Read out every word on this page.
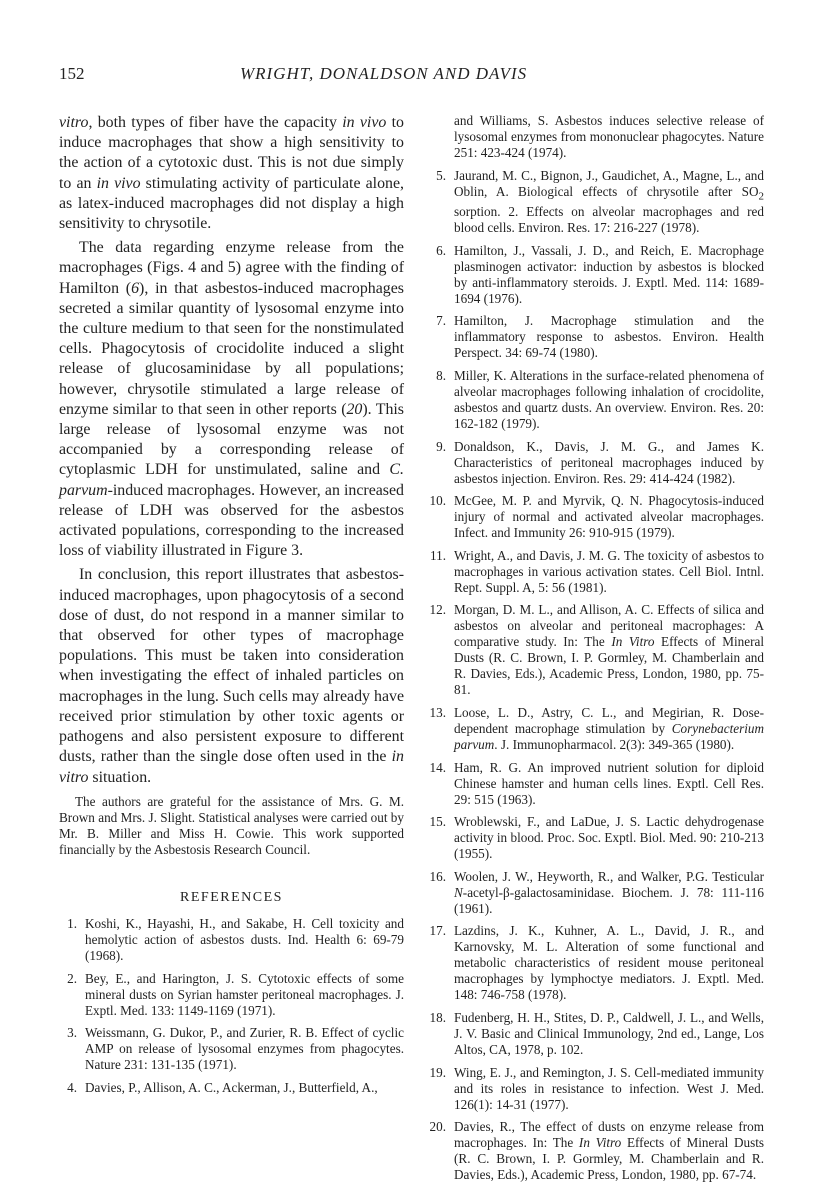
152	WRIGHT, DONALDSON AND DAVIS

vitro, both types of fiber have the capacity in vivo to induce macrophages that show a high sensitivity to the action of a cytotoxic dust. This is not due simply to an in vivo stimulating activity of particulate alone, as latex-induced macrophages did not display a high sensitivity to chrysotile.

The data regarding enzyme release from the macrophages (Figs. 4 and 5) agree with the finding of Hamilton (6), in that asbestos-induced macrophages secreted a similar quantity of lysosomal enzyme into the culture medium to that seen for the nonstimulated cells. Phagocytosis of crocidolite induced a slight release of glucosaminidase by all populations; however, chrysotile stimulated a large release of enzyme similar to that seen in other reports (20). This large release of lysosomal enzyme was not accompanied by a corresponding release of cytoplasmic LDH for unstimulated, saline and C. parvum-induced macrophages. However, an increased release of LDH was observed for the asbestos activated populations, corresponding to the increased loss of viability illustrated in Figure 3.

In conclusion, this report illustrates that asbestos-induced macrophages, upon phagocytosis of a second dose of dust, do not respond in a manner similar to that observed for other types of macrophage populations. This must be taken into consideration when investigating the effect of inhaled particles on macrophages in the lung. Such cells may already have received prior stimulation by other toxic agents or pathogens and also persistent exposure to different dusts, rather than the single dose often used in the in vitro situation.

The authors are grateful for the assistance of Mrs. G. M. Brown and Mrs. J. Slight. Statistical analyses were carried out by Mr. B. Miller and Miss H. Cowie. This work supported financially by the Asbestosis Research Council.

REFERENCES
1. Koshi, K., Hayashi, H., and Sakabe, H. Cell toxicity and hemolytic action of asbestos dusts. Ind. Health 6: 69-79 (1968).
2. Bey, E., and Harington, J. S. Cytotoxic effects of some mineral dusts on Syrian hamster peritoneal macrophages. J. Exptl. Med. 133: 1149-1169 (1971).
3. Weissmann, G. Dukor, P., and Zurier, R. B. Effect of cyclic AMP on release of lysosomal enzymes from phagocytes. Nature 231: 131-135 (1971).
4. Davies, P., Allison, A. C., Ackerman, J., Butterfield, A.,
and Williams, S. Asbestos induces selective release of lysosomal enzymes from mononuclear phagocytes. Nature 251: 423-424 (1974).
5. Jaurand, M. C., Bignon, J., Gaudichet, A., Magne, L., and Oblin, A. Biological effects of chrysotile after $SO_2$ sorption. 2. Effects on alveolar macrophages and red blood cells. Environ. Res. 17: 216-227 (1978).
6. Hamilton, J., Vassali, J. D., and Reich, E. Macrophage plasminogen activator: induction by asbestos is blocked by anti-inflammatory steroids. J. Exptl. Med. 114: 1689-1694 (1976).
7. Hamilton, J. Macrophage stimulation and the inflammatory response to asbestos. Environ. Health Perspect. 34: 69-74 (1980).
8. Miller, K. Alterations in the surface-related phenomena of alveolar macrophages following inhalation of crocidolite, asbestos and quartz dusts. An overview. Environ. Res. 20: 162-182 (1979).
9. Donaldson, K., Davis, J. M. G., and James K. Characteristics of peritoneal macrophages induced by asbestos injection. Environ. Res. 29: 414-424 (1982).
10. McGee, M. P. and Myrvik, Q. N. Phagocytosis-induced injury of normal and activated alveolar macrophages. Infect. and Immunity 26: 910-915 (1979).
11. Wright, A., and Davis, J. M. G. The toxicity of asbestos to macrophages in various activation states. Cell Biol. Intnl. Rept. Suppl. A, 5: 56 (1981).
12. Morgan, D. M. L., and Allison, A. C. Effects of silica and asbestos on alveolar and peritoneal macrophages: A comparative study. In: The In Vitro Effects of Mineral Dusts (R. C. Brown, I. P. Gormley, M. Chamberlain and R. Davies, Eds.), Academic Press, London, 1980, pp. 75-81.
13. Loose, L. D., Astry, C. L., and Megirian, R. Dose-dependent macrophage stimulation by Corynebacterium parvum. J. Immunopharmacol. 2(3): 349-365 (1980).
14. Ham, R. G. An improved nutrient solution for diploid Chinese hamster and human cells lines. Exptl. Cell Res. 29: 515 (1963).
15. Wroblewski, F., and LaDue, J. S. Lactic dehydrogenase activity in blood. Proc. Soc. Exptl. Biol. Med. 90: 210-213 (1955).
16. Woolen, J. W., Heyworth, R., and Walker, P.G. Testicular N-acetyl-β-galactosaminidase. Biochem. J. 78: 111-116 (1961).
17. Lazdins, J. K., Kuhner, A. L., David, J. R., and Karnovsky, M. L. Alteration of some functional and metabolic characteristics of resident mouse peritoneal macrophages by lymphoctye mediators. J. Exptl. Med. 148: 746-758 (1978).
18. Fudenberg, H. H., Stites, D. P., Caldwell, J. L., and Wells, J. V. Basic and Clinical Immunology, 2nd ed., Lange, Los Altos, CA, 1978, p. 102.
19. Wing, E. J., and Remington, J. S. Cell-mediated immunity and its roles in resistance to infection. West J. Med. 126(1): 14-31 (1977).
20. Davies, R., The effect of dusts on enzyme release from macrophages. In: The In Vitro Effects of Mineral Dusts (R. C. Brown, I. P. Gormley, M. Chamberlain and R. Davies, Eds.), Academic Press, London, 1980, pp. 67-74.
